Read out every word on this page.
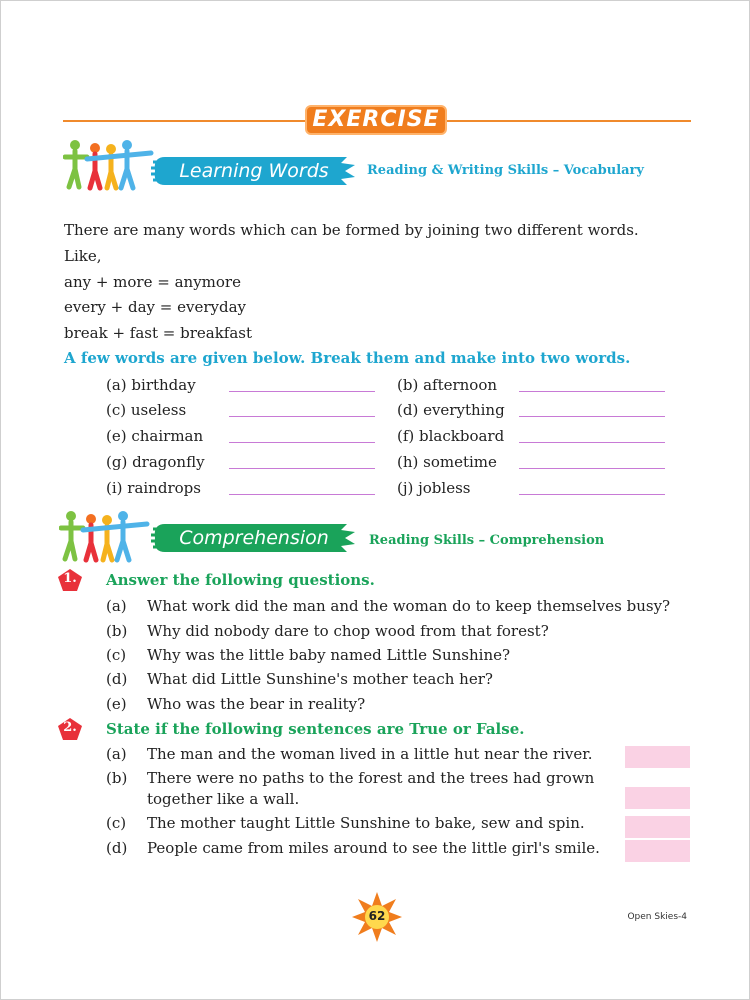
EXERCISE
Learning Words	Reading & Writing Skills – Vocabulary
There are many words which can be formed by joining two different words.
Like,
any + more = anymore
every + day = everyday
break + fast = breakfast
A few words are given below. Break them and make into two words.
(a) birthday	(b) afternoon
(c) useless	(d) everything
(e) chairman	(f) blackboard
(g) dragonfly	(h) sometime
(i) raindrops	(j) jobless
Comprehension	Reading Skills – Comprehension
1.	Answer the following questions.
(a) What work did the man and the woman do to keep themselves busy?
(b) Why did nobody dare to chop wood from that forest?
(c) Why was the little baby named Little Sunshine?
(d) What did Little Sunshine's mother teach her?
(e) Who was the bear in reality?
2.	State if the following sentences are True or False.
(a) The man and the woman lived in a little hut near the river.
(b) There were no paths to the forest and the trees had grown
together like a wall.
(c) The mother taught Little Sunshine to bake, sew and spin.
(d) People came from miles around to see the little girl's smile.
62	Open Skies-4
